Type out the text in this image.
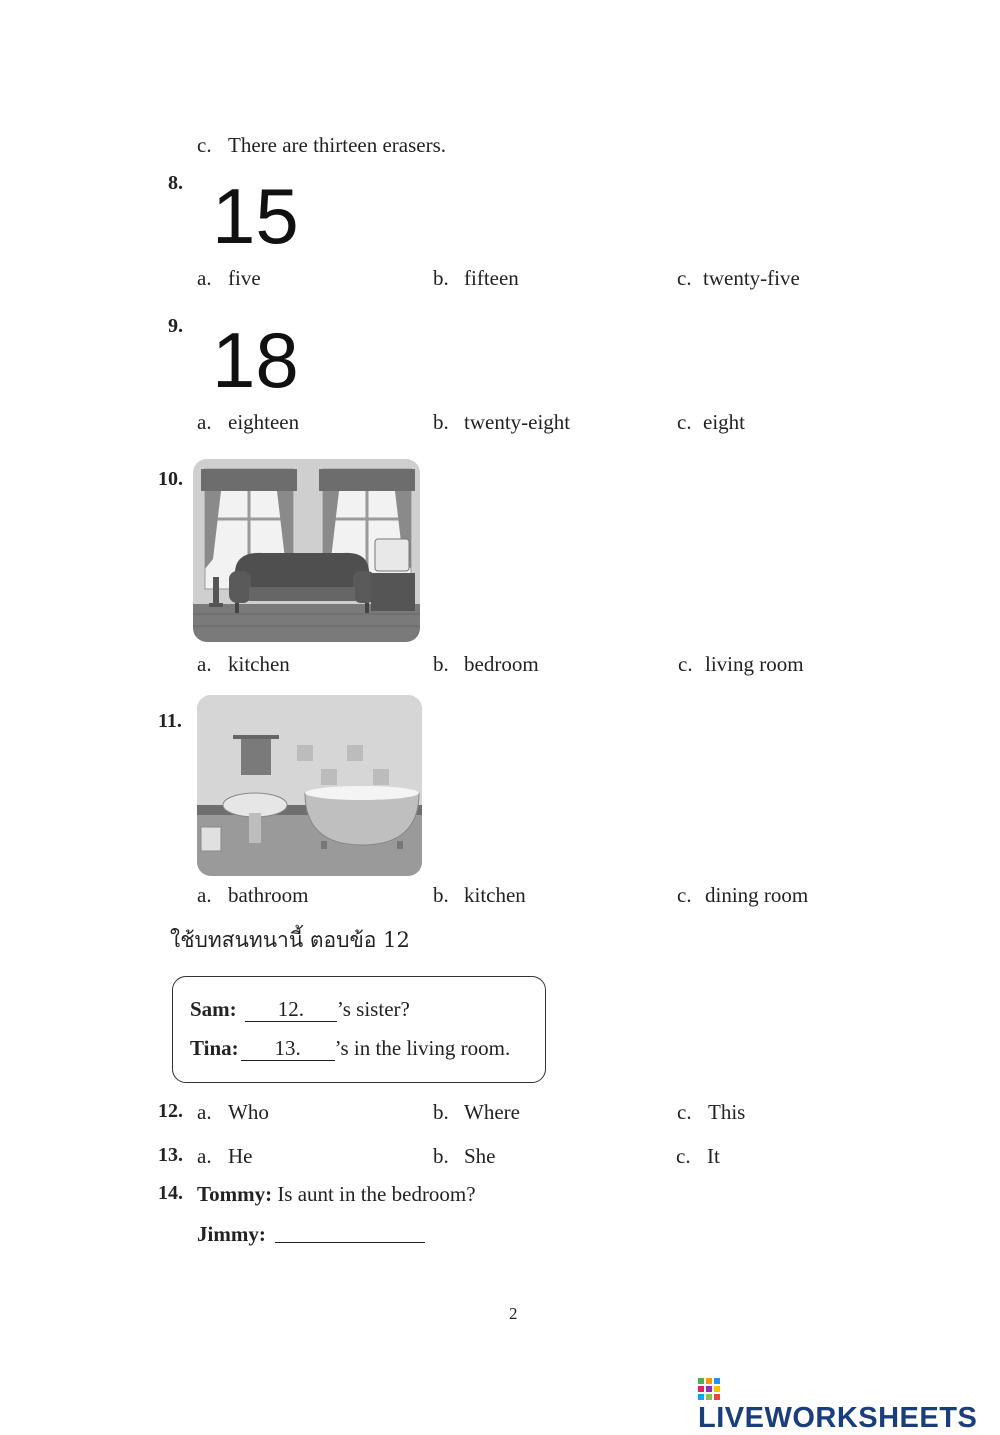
c. There are thirteen erasers.
8. 15
a. five	b. fifteen	c. twenty-five
9. 18
a. eighteen	b. twenty-eight	c. eight
10.
a. kitchen	b. bedroom	c. living room
11.
a. bathroom	b. kitchen	c. dining room
ใช้บทสนทนานี้ ตอบข้อ 12
Sam: 12. ’s sister?
Tina: 13. ’s in the living room.
12. a. Who	b. Where	c. This
13. a. He	b. She	c. It
14. Tommy: Is aunt in the bedroom?
Jimmy:
2
LIVEWORKSHEETS
